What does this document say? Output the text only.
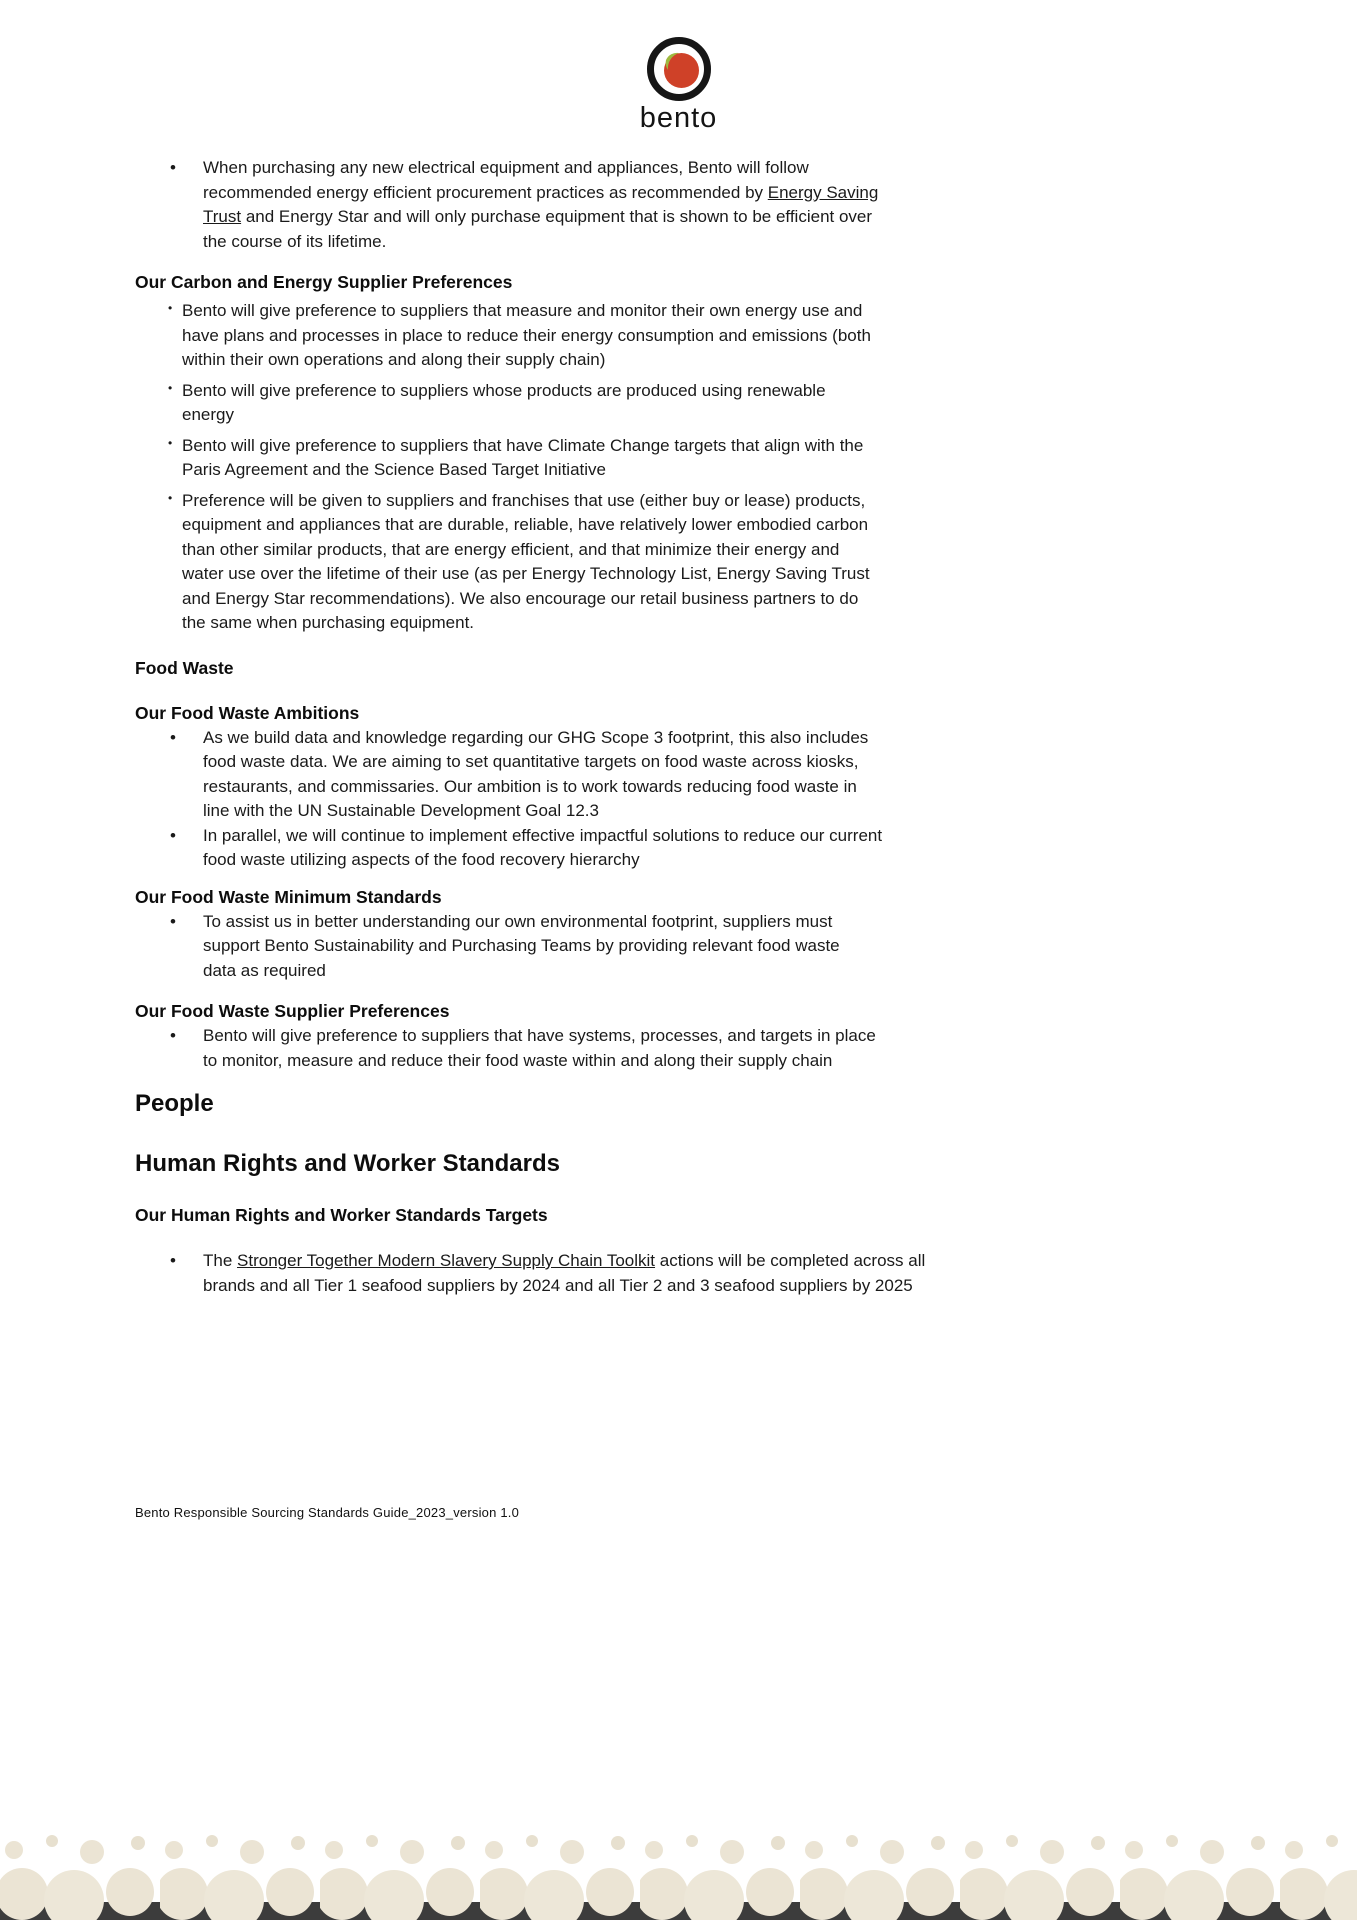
bento
• When purchasing any new electrical equipment and appliances, Bento will follow recommended energy efficient procurement practices as recommended by Energy Saving Trust and Energy Star and will only purchase equipment that is shown to be efficient over the course of its lifetime.
Our Carbon and Energy Supplier Preferences
• Bento will give preference to suppliers that measure and monitor their own energy use and have plans and processes in place to reduce their energy consumption and emissions (both within their own operations and along their supply chain)
• Bento will give preference to suppliers whose products are produced using renewable energy
• Bento will give preference to suppliers that have Climate Change targets that align with the Paris Agreement and the Science Based Target Initiative
• Preference will be given to suppliers and franchises that use (either buy or lease) products, equipment and appliances that are durable, reliable, have relatively lower embodied carbon than other similar products, that are energy efficient, and that minimize their energy and water use over the lifetime of their use (as per Energy Technology List, Energy Saving Trust and Energy Star recommendations). We also encourage our retail business partners to do the same when purchasing equipment.
Food Waste
Our Food Waste Ambitions
• As we build data and knowledge regarding our GHG Scope 3 footprint, this also includes food waste data. We are aiming to set quantitative targets on food waste across kiosks, restaurants, and commissaries. Our ambition is to work towards reducing food waste in line with the UN Sustainable Development Goal 12.3
• In parallel, we will continue to implement effective impactful solutions to reduce our current food waste utilizing aspects of the food recovery hierarchy
Our Food Waste Minimum Standards
• To assist us in better understanding our own environmental footprint, suppliers must support Bento Sustainability and Purchasing Teams by providing relevant food waste data as required
Our Food Waste Supplier Preferences
• Bento will give preference to suppliers that have systems, processes, and targets in place to monitor, measure and reduce their food waste within and along their supply chain
People
Human Rights and Worker Standards
Our Human Rights and Worker Standards Targets
• The Stronger Together Modern Slavery Supply Chain Toolkit actions will be completed across all brands and all Tier 1 seafood suppliers by 2024 and all Tier 2 and 3 seafood suppliers by 2025
Bento Responsible Sourcing Standards Guide_2023_version 1.0
